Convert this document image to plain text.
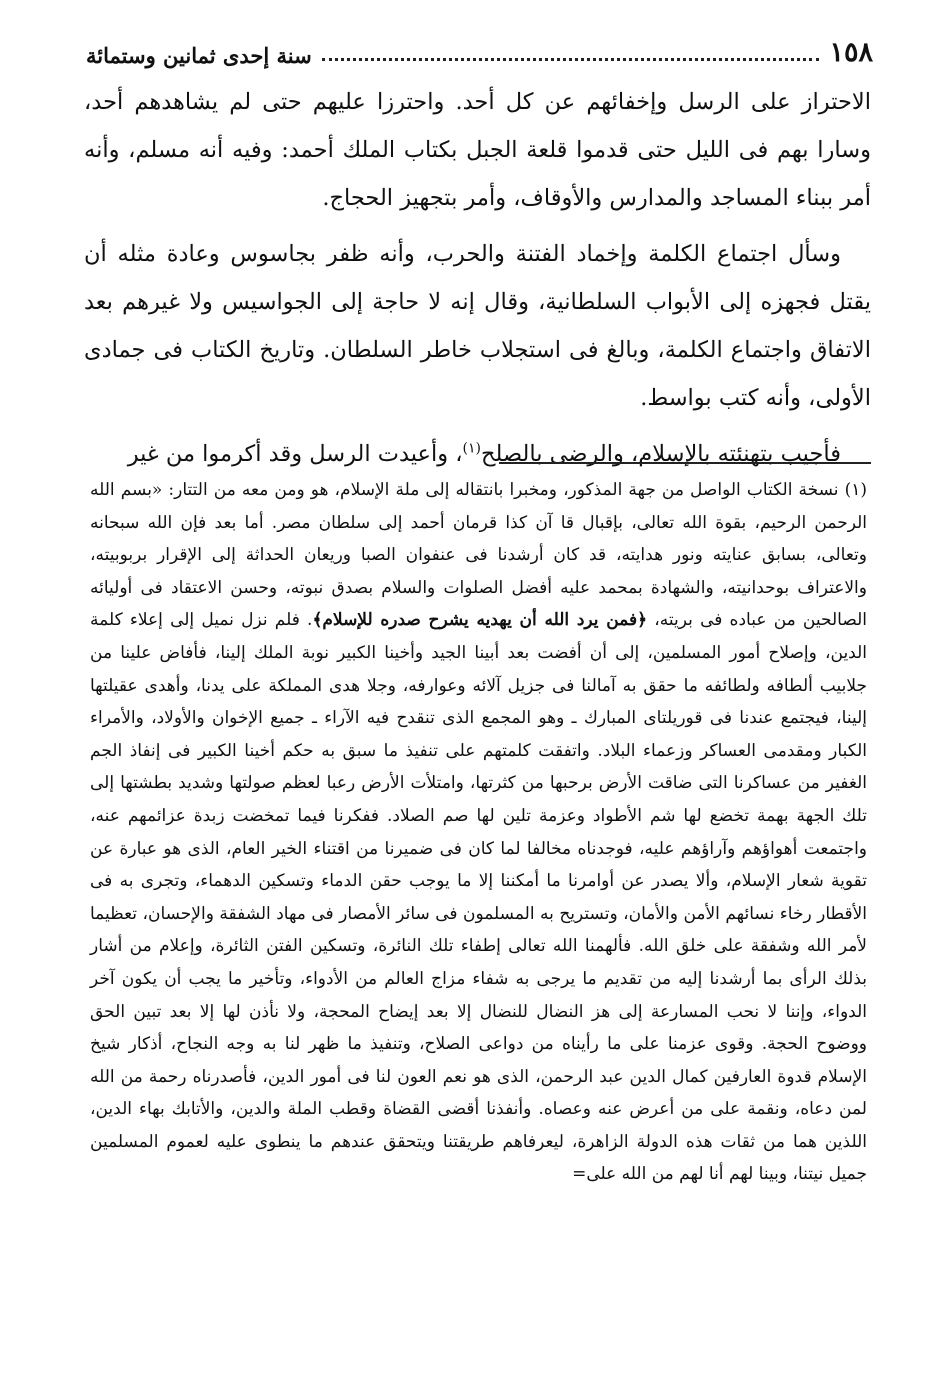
١٥٨
سنة إحدى ثمانين وستمائة

الاحتراز على الرسل وإخفائهم عن كل أحد. واحترزا عليهم حتى لم يشاهدهم أحد، وسارا بهم فى الليل حتى قدموا قلعة الجبل بكتاب الملك أحمد: وفيه أنه مسلم، وأنه أمر ببناء المساجد والمدارس والأوقاف، وأمر بتجهيز الحجاج.

وسأل اجتماع الكلمة وإخماد الفتنة والحرب، وأنه ظفر بجاسوس وعادة مثله أن يقتل فجهزه إلى الأبواب السلطانية، وقال إنه لا حاجة إلى الجواسيس ولا غيرهم بعد الاتفاق واجتماع الكلمة، وبالغ فى استجلاب خاطر السلطان. وتاريخ الكتاب فى جمادى الأولى، وأنه كتب بواسط.

فأجيب بتهنئته بالإسلام، والرضى بالصلح$^{(١)}$، وأعيدت الرسل وقد أكرموا من غير

(١) نسخة الكتاب الواصل من جهة المذكور، ومخبرا بانتقاله إلى ملة الإسلام، هو ومن معه من التتار: «بسم الله الرحمن الرحيم، بقوة الله تعالى، بإقبال قا آن كذا قرمان أحمد إلى سلطان مصر. أما بعد فإن الله سبحانه وتعالى، بسابق عنايته ونور هدايته، قد كان أرشدنا فى عنفوان الصبا وريعان الحداثة إلى الإقرار بربوبيته، والاعتراف بوحدانيته، والشهادة بمحمد عليه أفضل الصلوات والسلام بصدق نبوته، وحسن الاعتقاد فى أوليائه الصالحين من عباده فى بريته، ﴿فمن يرد الله أن يهديه يشرح صدره للإسلام﴾. فلم نزل نميل إلى إعلاء كلمة الدين، وإصلاح أمور المسلمين، إلى أن أفضت بعد أبينا الجيد وأخينا الكبير نوبة الملك إلينا، فأفاض علينا من جلابيب ألطافه ولطائفه ما حقق به آمالنا فى جزيل آلائه وعوارفه، وجلا هدى المملكة على يدنا، وأهدى عقيلتها إلينا، فيجتمع عندنا فى قوريلتاى المبارك ـ وهو المجمع الذى تنقدح فيه الآراء ـ جميع الإخوان والأولاد، والأمراء الكبار ومقدمى العساكر وزعماء البلاد. واتفقت كلمتهم على تنفيذ ما سبق به حكم أخينا الكبير فى إنفاذ الجم الغفير من عساكرنا التى ضاقت الأرض برحبها من كثرتها، وامتلأت الأرض رعبا لعظم صولتها وشديد بطشتها إلى تلك الجهة بهمة تخضع لها شم الأطواد وعزمة تلين لها صم الصلاد. ففكرنا فيما تمخضت زبدة عزائمهم عنه، واجتمعت أهواؤهم وآراؤهم عليه، فوجدناه مخالفا لما كان فى ضميرنا من اقتناء الخير العام، الذى هو عبارة عن تقوية شعار الإسلام، وألا يصدر عن أوامرنا ما أمكننا إلا ما يوجب حقن الدماء وتسكين الدهماء، وتجرى به فى الأقطار رخاء نسائهم الأمن والأمان، وتستريح به المسلمون فى سائر الأمصار فى مهاد الشفقة والإحسان، تعظيما لأمر الله وشفقة على خلق الله. فألهمنا الله تعالى إطفاء تلك النائرة، وتسكين الفتن الثائرة، وإعلام من أشار بذلك الرأى بما أرشدنا إليه من تقديم ما يرجى به شفاء مزاج العالم من الأدواء، وتأخير ما يجب أن يكون آخر الدواء، وإننا لا نحب المسارعة إلى هز النضال للنضال إلا بعد إيضاح المحجة، ولا نأذن لها إلا بعد تبين الحق ووضوح الحجة. وقوى عزمنا على ما رأيناه من دواعى الصلاح، وتنفيذ ما ظهر لنا به وجه النجاح، أذكار شيخ الإسلام قدوة العارفين كمال الدين عبد الرحمن، الذى هو نعم العون لنا فى أمور الدين، فأصدرناه رحمة من الله لمن دعاه، ونقمة على من أعرض عنه وعصاه. وأنفذنا أقضى القضاة وقطب الملة والدين، والأتابك بهاء الدين، اللذين هما من ثقات هذه الدولة الزاهرة، ليعرفاهم طريقتنا ويتحقق عندهم ما ينطوى عليه لعموم المسلمين جميل نيتنا، وبينا لهم أنا لهم من الله على=
